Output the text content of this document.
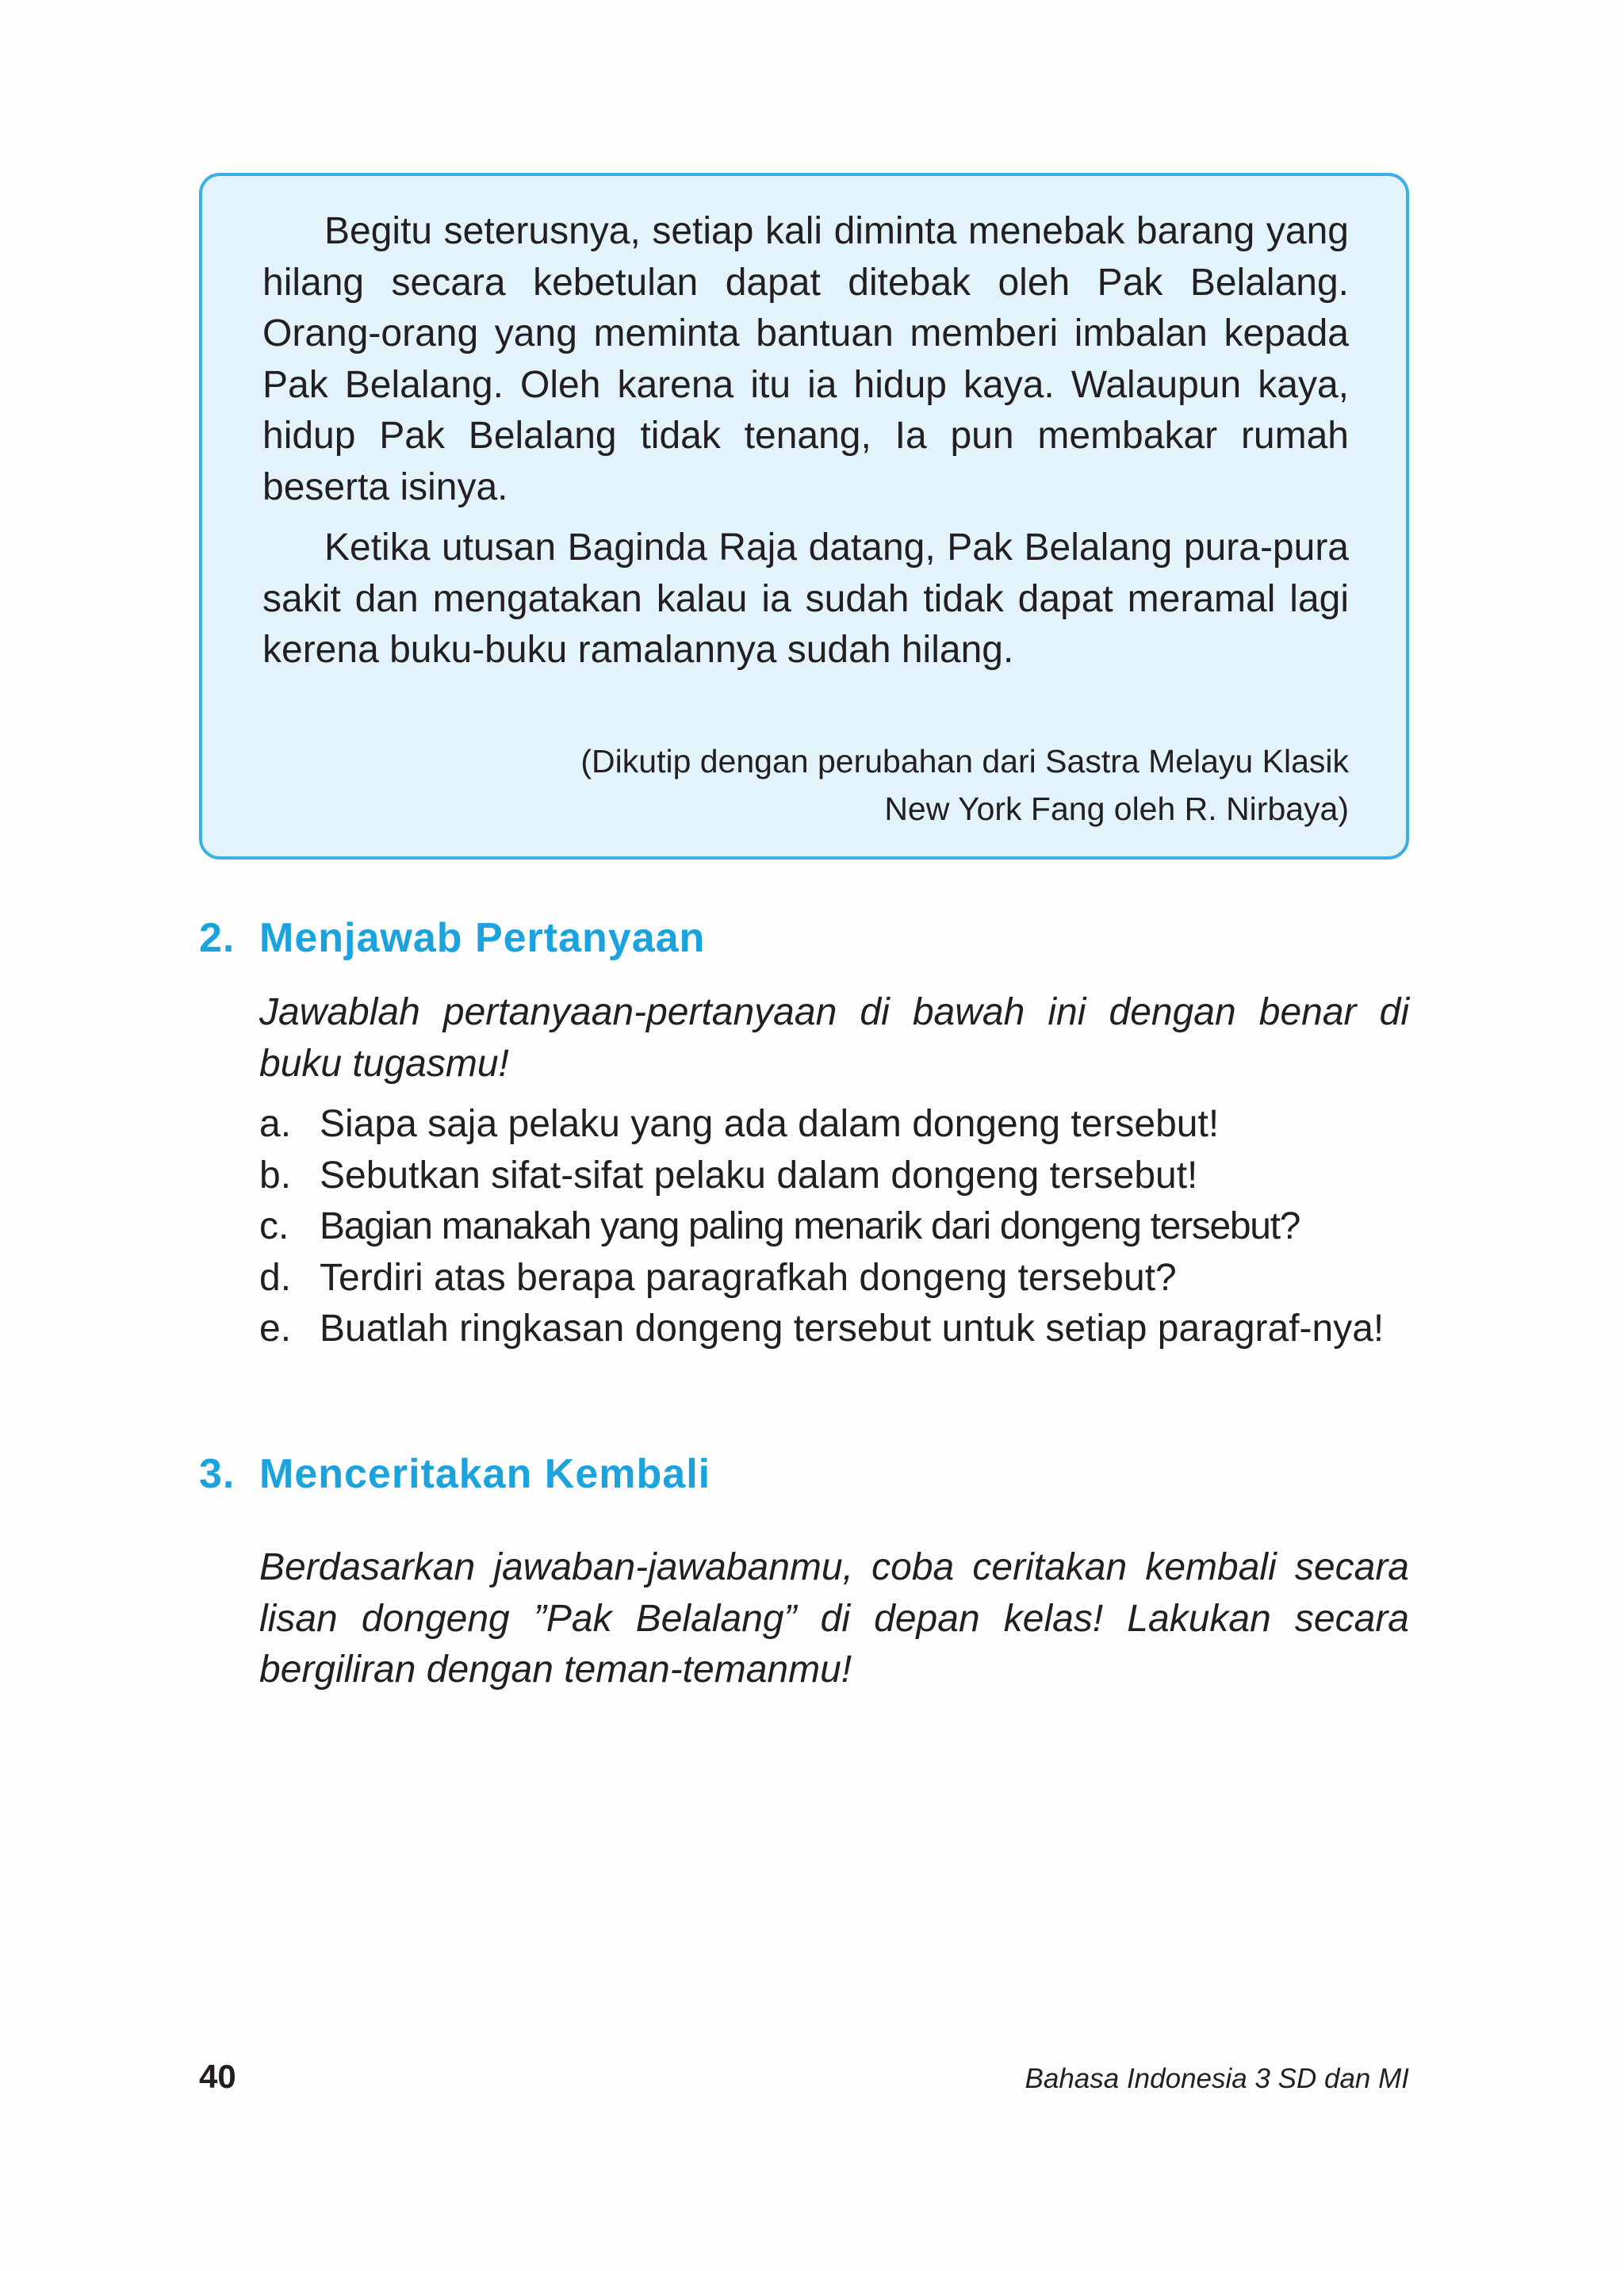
Begitu seterusnya, setiap kali diminta menebak barang yang hilang secara kebetulan dapat ditebak oleh Pak Belalang. Orang-orang yang meminta bantuan memberi imbalan kepada Pak Belalang. Oleh karena itu ia hidup kaya. Walaupun kaya, hidup Pak Belalang tidak tenang, Ia pun membakar rumah beserta isinya.

Ketika utusan Baginda Raja datang, Pak Belalang pura-pura sakit dan mengatakan kalau ia sudah tidak dapat meramal lagi kerena buku-buku ramalannya sudah hilang.

(Dikutip dengan perubahan dari Sastra Melayu Klasik
New York Fang oleh R. Nirbaya)
2. Menjawab Pertanyaan

Jawablah pertanyaan-pertanyaan di bawah ini dengan benar di buku tugasmu!

a. Siapa saja pelaku yang ada dalam dongeng tersebut!
b. Sebutkan sifat-sifat pelaku dalam dongeng tersebut!
c. Bagian manakah yang paling menarik dari dongeng tersebut?
d. Terdiri atas berapa paragrafkah dongeng tersebut?
e. Buatlah ringkasan dongeng tersebut untuk setiap paragraf-nya!
3. Menceritakan Kembali

Berdasarkan jawaban-jawabanmu, coba ceritakan kembali secara lisan dongeng ”Pak Belalang” di depan kelas! Lakukan secara bergiliran dengan teman-temanmu!

40	Bahasa Indonesia 3 SD dan MI
